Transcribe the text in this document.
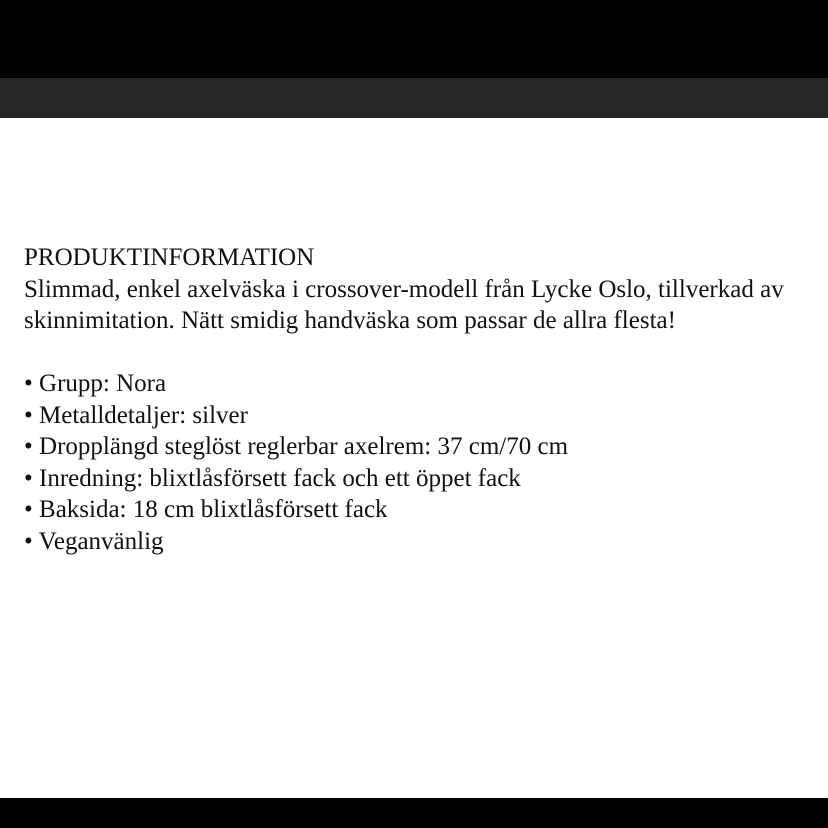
PRODUKTINFORMATION
Slimmad, enkel axelväska i crossover-modell från Lycke Oslo, tillverkad av skinnimitation. Nätt smidig handväska som passar de allra flesta!
• Grupp: Nora
• Metalldetaljer: silver
• Dropplängd steglöst reglerbar axelrem: 37 cm/70 cm
• Inredning: blixtlåsförsett fack och ett öppet fack
• Baksida: 18 cm blixtlåsförsett fack
• Veganvänlig
